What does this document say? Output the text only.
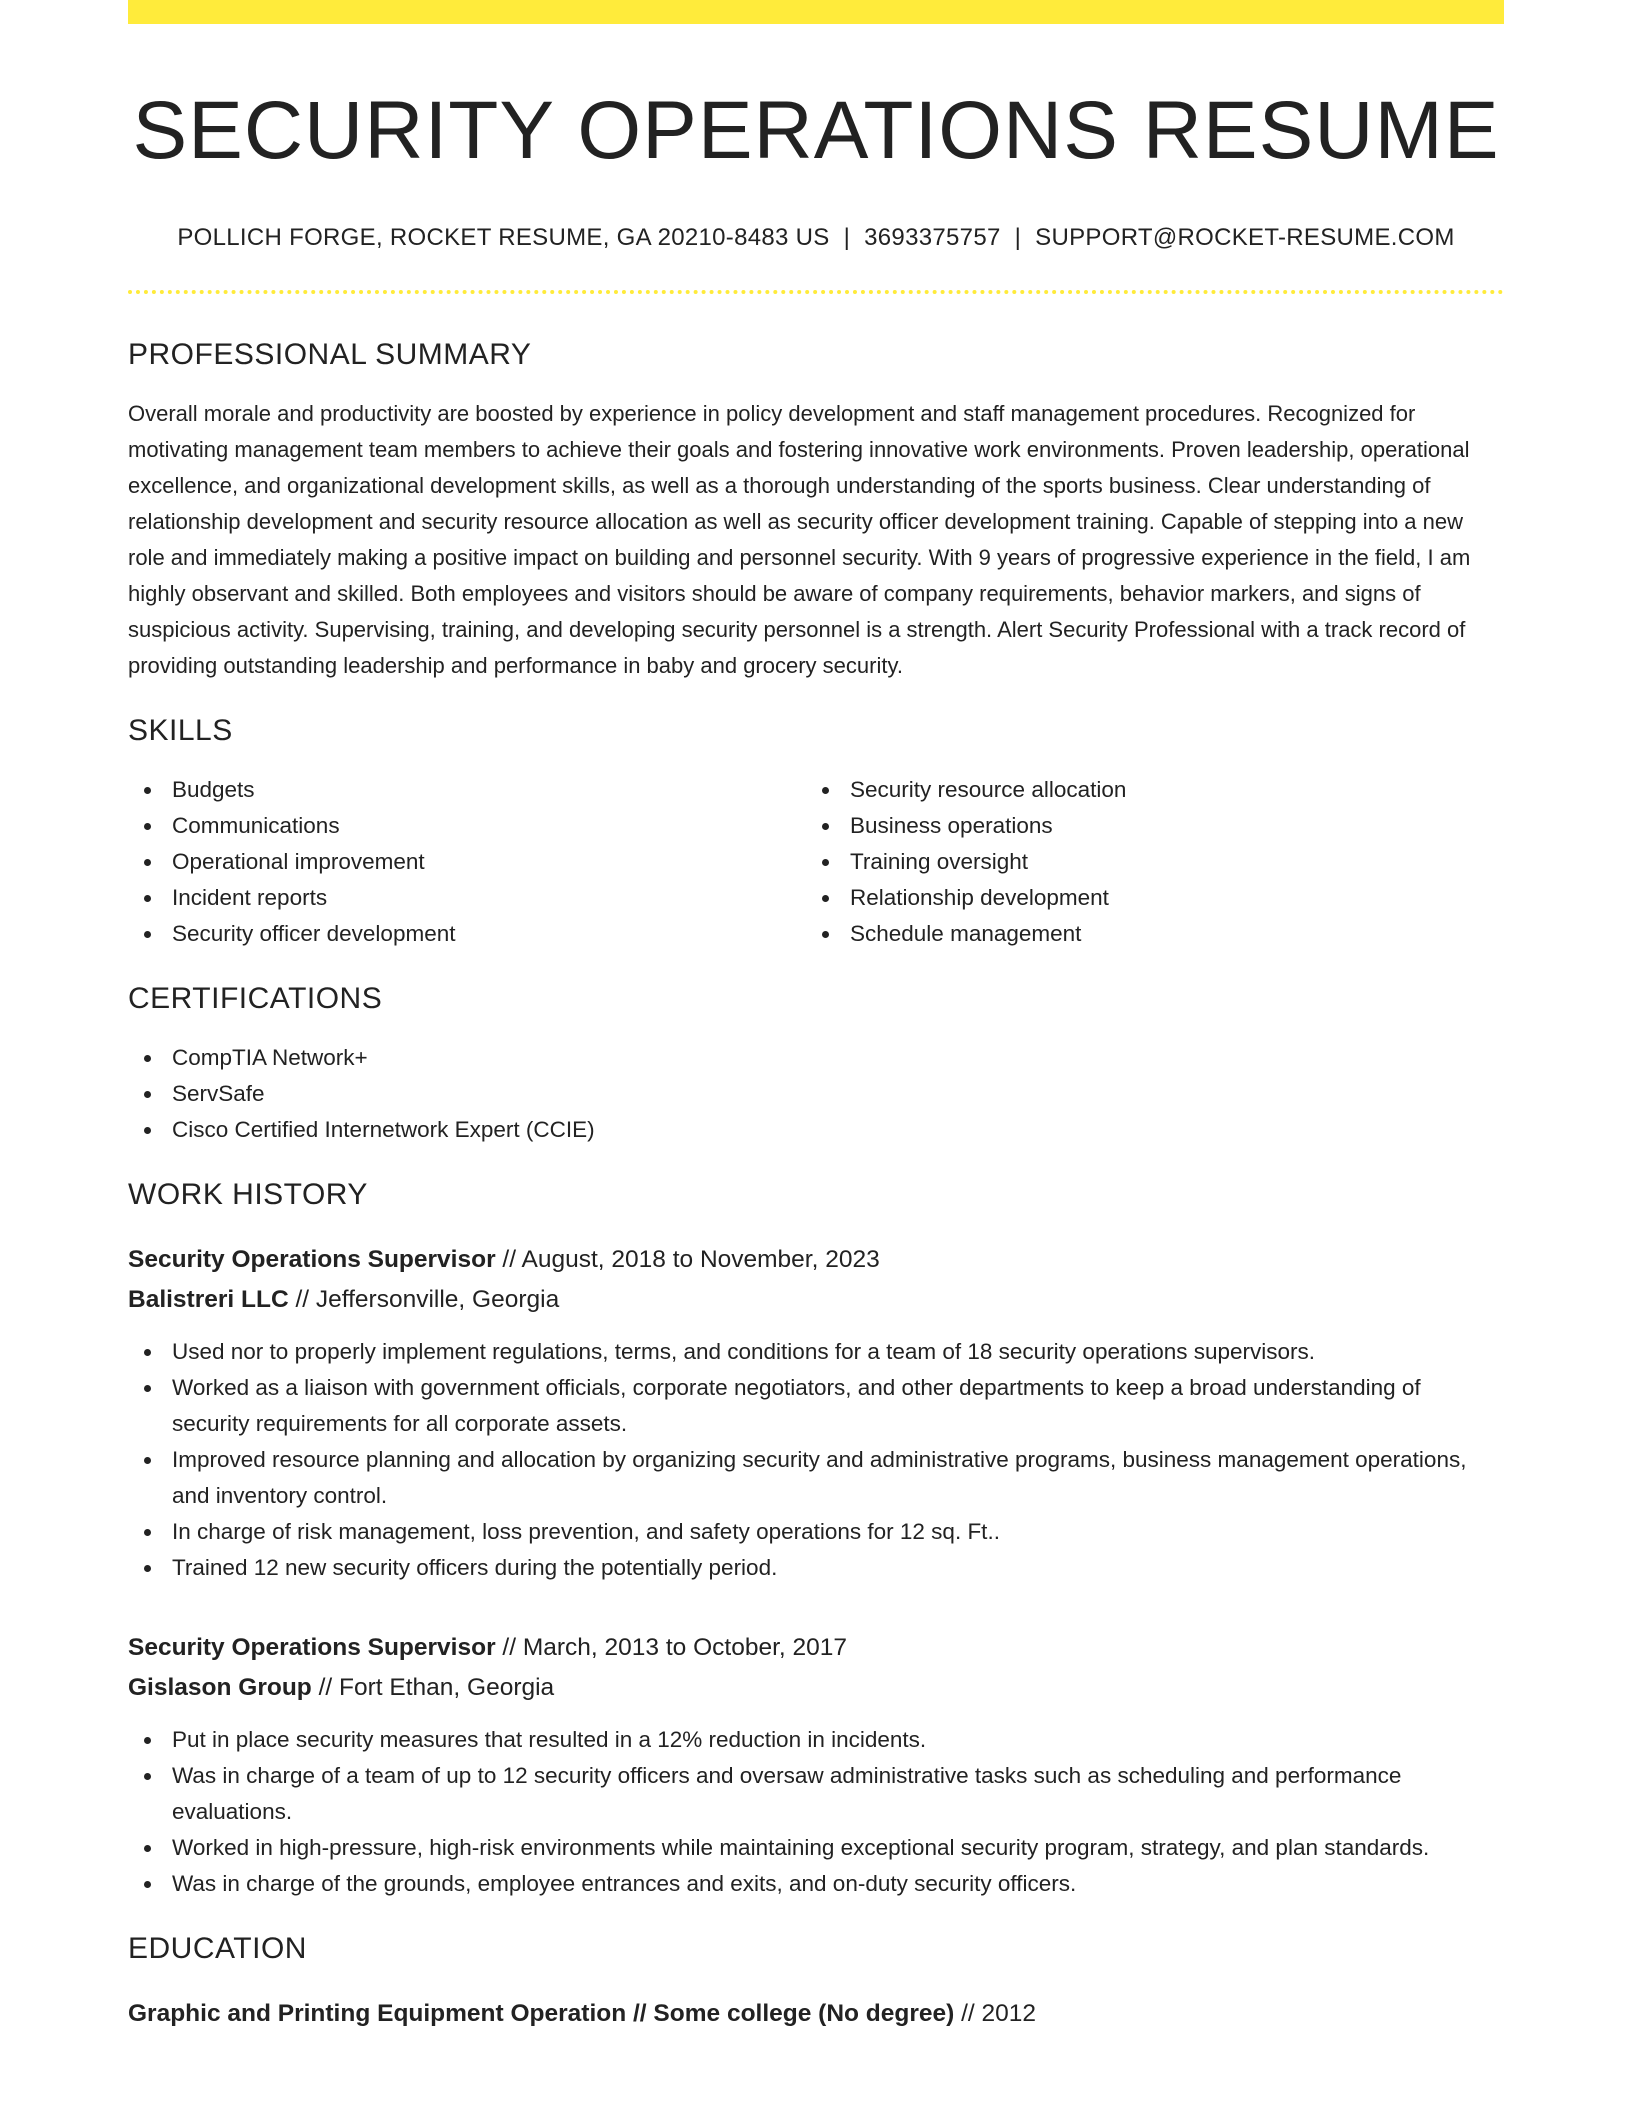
SECURITY OPERATIONS RESUME
POLLICH FORGE, ROCKET RESUME, GA 20210-8483 US | 3693375757 | SUPPORT@ROCKET-RESUME.COM
PROFESSIONAL SUMMARY

Overall morale and productivity are boosted by experience in policy development and staff management procedures. Recognized for motivating management team members to achieve their goals and fostering innovative work environments. Proven leadership, operational excellence, and organizational development skills, as well as a thorough understanding of the sports business. Clear understanding of relationship development and security resource allocation as well as security officer development training. Capable of stepping into a new role and immediately making a positive impact on building and personnel security. With 9 years of progressive experience in the field, I am highly observant and skilled. Both employees and visitors should be aware of company requirements, behavior markers, and signs of suspicious activity. Supervising, training, and developing security personnel is a strength. Alert Security Professional with a track record of providing outstanding leadership and performance in baby and grocery security.

SKILLS
Budgets
Communications
Operational improvement
Incident reports
Security officer development
Security resource allocation
Business operations
Training oversight
Relationship development
Schedule management
CERTIFICATIONS
CompTIA Network+
ServSafe
Cisco Certified Internetwork Expert (CCIE)
WORK HISTORY
Security Operations Supervisor // August, 2018 to November, 2023
Balistreri LLC // Jeffersonville, Georgia
Used nor to properly implement regulations, terms, and conditions for a team of 18 security operations supervisors.
Worked as a liaison with government officials, corporate negotiators, and other departments to keep a broad understanding of security requirements for all corporate assets.
Improved resource planning and allocation by organizing security and administrative programs, business management operations, and inventory control.
In charge of risk management, loss prevention, and safety operations for 12 sq. Ft..
Trained 12 new security officers during the potentially period.
Security Operations Supervisor // March, 2013 to October, 2017
Gislason Group // Fort Ethan, Georgia
Put in place security measures that resulted in a 12% reduction in incidents.
Was in charge of a team of up to 12 security officers and oversaw administrative tasks such as scheduling and performance evaluations.
Worked in high-pressure, high-risk environments while maintaining exceptional security program, strategy, and plan standards.
Was in charge of the grounds, employee entrances and exits, and on-duty security officers.
EDUCATION
Graphic and Printing Equipment Operation // Some college (No degree) // 2012
